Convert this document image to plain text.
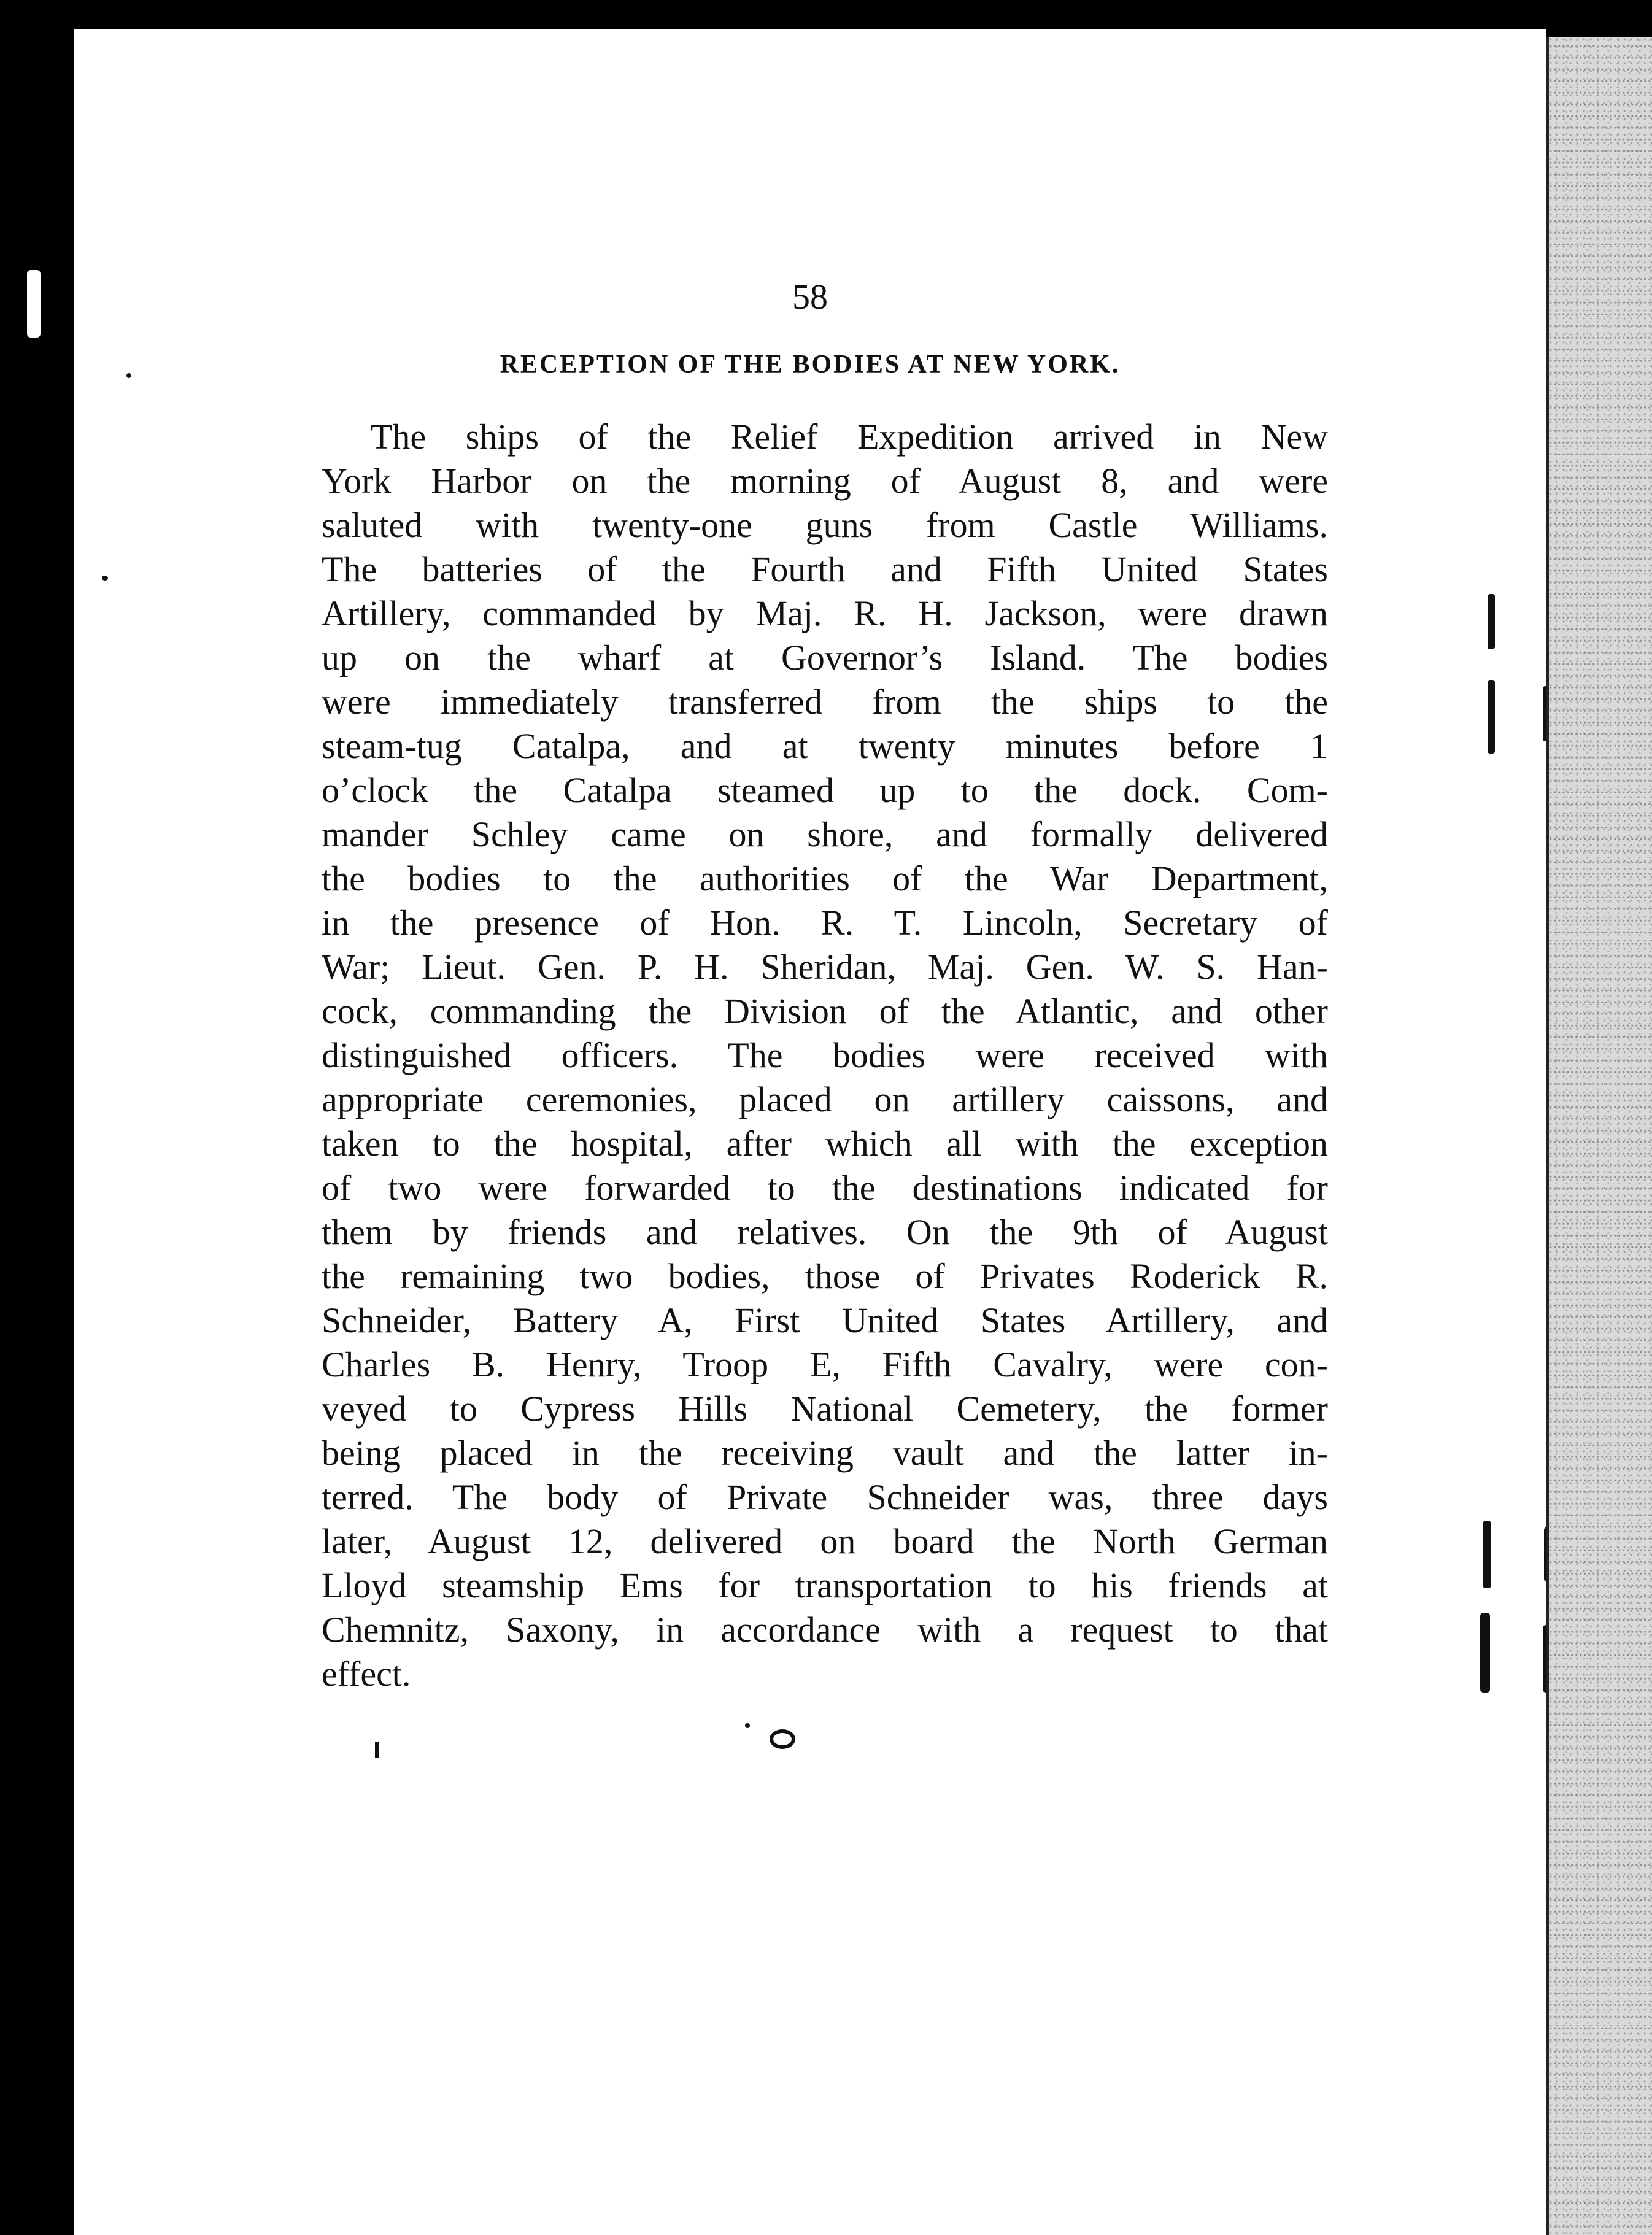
58
RECEPTION OF THE BODIES AT NEW YORK.
The ships of the Relief Expedition arrived in New
York Harbor on the morning of August 8, and were
saluted with twenty-one guns from Castle Williams.
The batteries of the Fourth and Fifth United States
Artillery, commanded by Maj. R. H. Jackson, were drawn
up on the wharf at Governor’s Island. The bodies
were immediately transferred from the ships to the
steam-tug Catalpa, and at twenty minutes before 1
o’clock the Catalpa steamed up to the dock. Com-
mander Schley came on shore, and formally delivered
the bodies to the authorities of the War Department,
in the presence of Hon. R. T. Lincoln, Secretary of
War; Lieut. Gen. P. H. Sheridan, Maj. Gen. W. S. Han-
cock, commanding the Division of the Atlantic, and other
distinguished officers. The bodies were received with
appropriate ceremonies, placed on artillery caissons, and
taken to the hospital, after which all with the exception
of two were forwarded to the destinations indicated for
them by friends and relatives. On the 9th of August
the remaining two bodies, those of Privates Roderick R.
Schneider, Battery A, First United States Artillery, and
Charles B. Henry, Troop E, Fifth Cavalry, were con-
veyed to Cypress Hills National Cemetery, the former
being placed in the receiving vault and the latter in-
terred. The body of Private Schneider was, three days
later, August 12, delivered on board the North German
Lloyd steamship Ems for transportation to his friends at
Chemnitz, Saxony, in accordance with a request to that
effect.
